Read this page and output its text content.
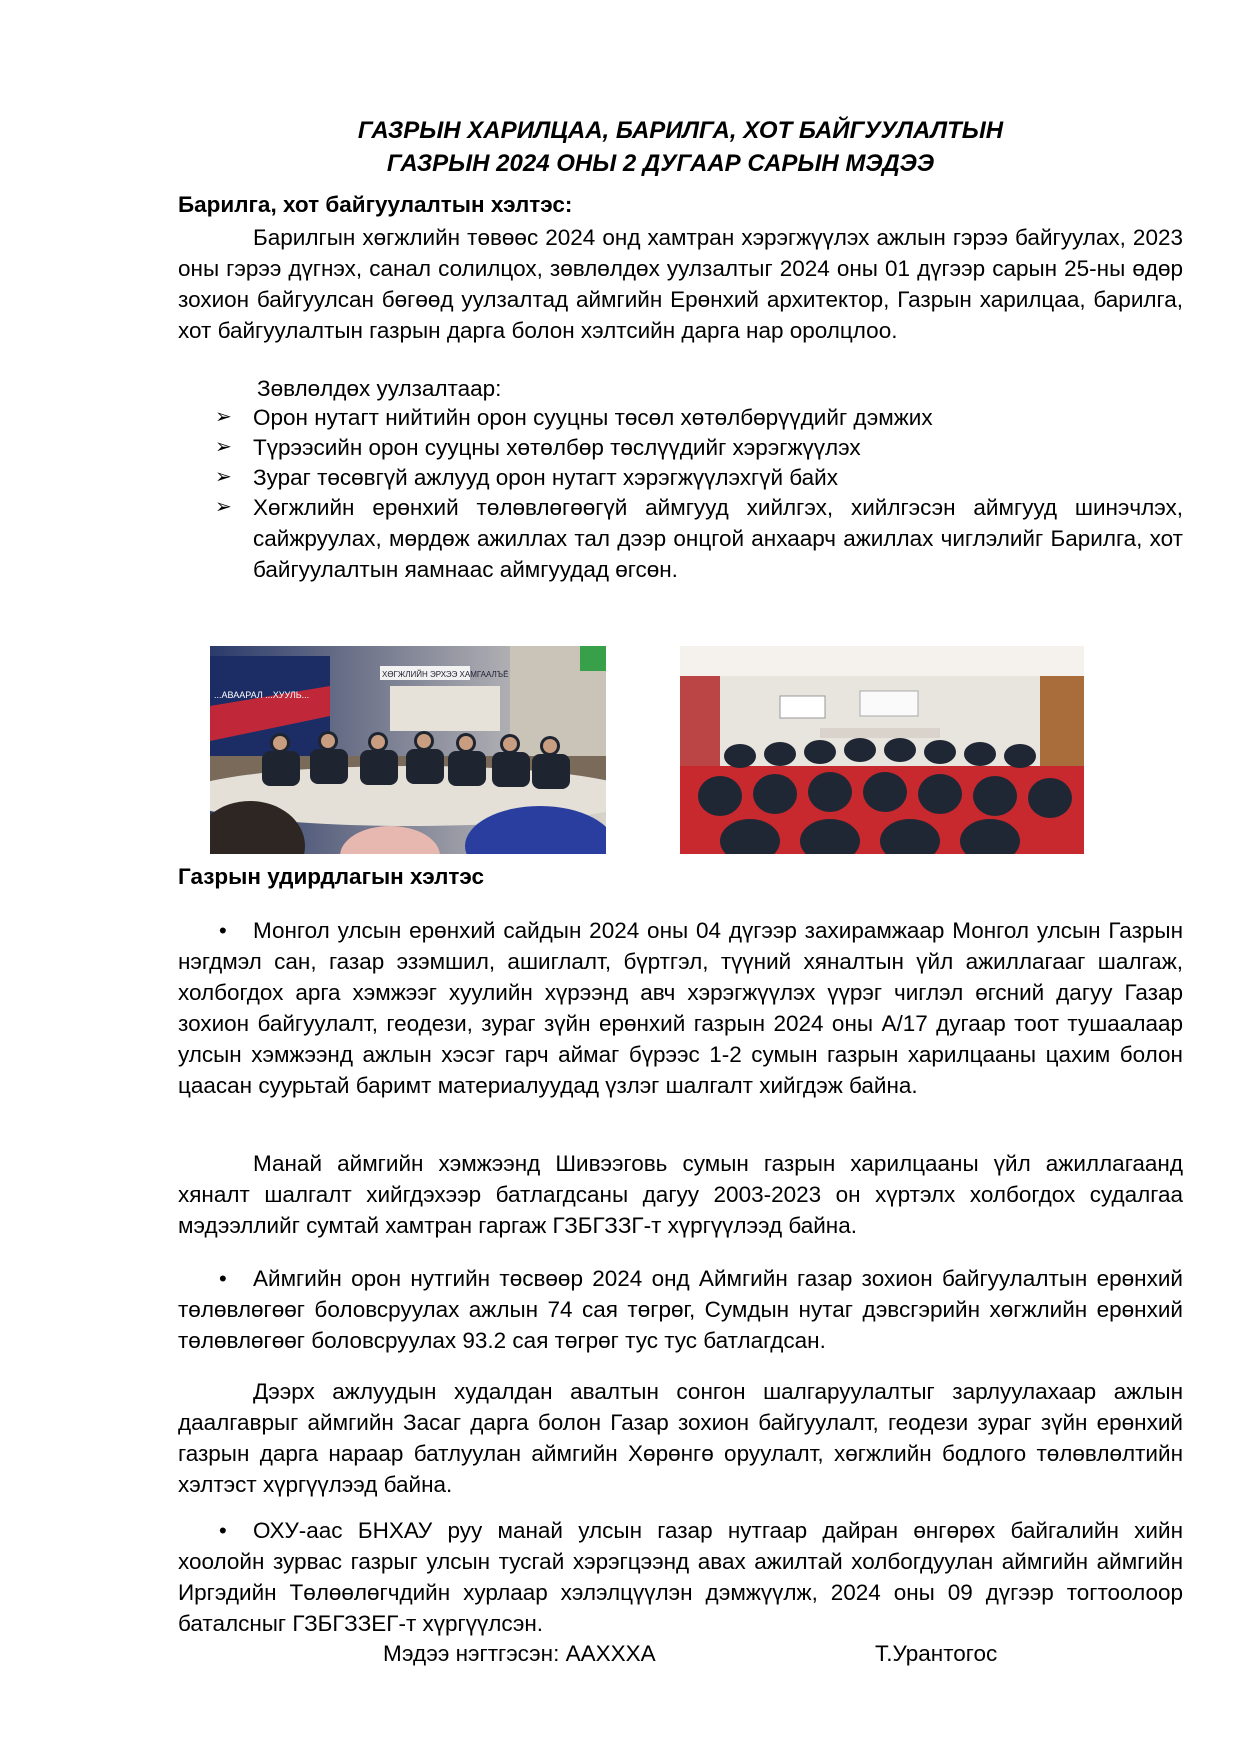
ГАЗРЫН ХАРИЛЦАА, БАРИЛГА, ХОТ БАЙГУУЛАЛТЫН
ГАЗРЫН 2024 ОНЫ 2 ДУГААР САРЫН МЭДЭЭ
Барилга, хот байгуулалтын хэлтэс:
Барилгын хөгжлийн төвөөс 2024 онд хамтран хэрэгжүүлэх ажлын гэрээ байгуулах, 2023 оны гэрээ дүгнэх, санал солилцох, зөвлөлдөх уулзалтыг 2024 оны 01 дүгээр сарын 25-ны өдөр зохион байгуулсан бөгөөд уулзалтад аймгийн Ерөнхий архитектор, Газрын харилцаа, барилга, хот байгуулалтын газрын дарга болон хэлтсийн дарга нар оролцлоо.
Зөвлөлдөх уулзалтаар:
➢ Орон нутагт нийтийн орон сууцны төсөл хөтөлбөрүүдийг дэмжих
➢ Түрээсийн орон сууцны хөтөлбөр төслүүдийг хэрэгжүүлэх
➢ Зураг төсөвгүй ажлууд орон нутагт хэрэгжүүлэхгүй байх
➢ Хөгжлийн ерөнхий төлөвлөгөөгүй аймгууд хийлгэх, хийлгэсэн аймгууд шинэчлэх, сайжруулах, мөрдөж ажиллах тал дээр онцгой анхаарч ажиллах чиглэлийг Барилга, хот байгуулалтын яамнаас аймгуудад өгсөн.
...АВААРАЛ ...ХУУЛЬ...
ХӨГЖЛИЙН ЭРХЭЭ ХАМГААЛЪЁ
Газрын удирдлагын хэлтэс
•	Монгол улсын ерөнхий сайдын 2024 оны 04 дүгээр захирамжаар Монгол улсын Газрын нэгдмэл сан, газар эзэмшил, ашиглалт, бүртгэл, түүний хяналтын үйл ажиллагааг шалгаж, холбогдох арга хэмжээг хуулийн хүрээнд авч хэрэгжүүлэх үүрэг чиглэл өгсний дагуу Газар зохион байгуулалт, геодези, зураг зүйн ерөнхий газрын 2024 оны А/17 дугаар тоот тушаалаар улсын хэмжээнд ажлын хэсэг гарч аймаг бүрээс 1-2 сумын газрын харилцааны цахим болон цаасан суурьтай баримт материалуудад үзлэг шалгалт хийгдэж байна.
Манай аймгийн хэмжээнд Шивээговь сумын газрын харилцааны үйл ажиллагаанд хяналт шалгалт хийгдэхээр батлагдсаны дагуу 2003-2023 он хүртэлх холбогдох судалгаа мэдээллийг сумтай хамтран гаргаж ГЗБГЗЗГ-т хүргүүлээд байна.
•	Аймгийн орон нутгийн төсвөөр 2024 онд Аймгийн газар зохион байгуулалтын ерөнхий төлөвлөгөөг боловсруулах ажлын 74 сая төгрөг, Сумдын нутаг дэвсгэрийн хөгжлийн ерөнхий төлөвлөгөөг боловсруулах 93.2 сая төгрөг тус тус батлагдсан.
Дээрх ажлуудын худалдан авалтын сонгон шалгаруулалтыг зарлуулахаар ажлын даалгаврыг аймгийн Засаг дарга болон Газар зохион байгуулалт, геодези зураг зүйн ерөнхий газрын дарга нараар батлуулан аймгийн Хөрөнгө оруулалт, хөгжлийн бодлого төлөвлөлтийн хэлтэст хүргүүлээд байна.
•	ОХУ-аас БНХАУ руу манай улсын газар нутгаар дайран өнгөрөх байгалийн хийн хоолойн зурвас газрыг улсын тусгай хэрэгцээнд авах ажилтай холбогдуулан аймгийн аймгийн Иргэдийн Төлөөлөгчдийн хурлаар хэлэлцүүлэн дэмжүүлж, 2024 оны 09 дүгээр тогтоолоор баталсныг ГЗБГЗЗЕГ-т хүргүүлсэн.
Мэдээ нэгтгэсэн: ААХХХА	Т.Урантогос
